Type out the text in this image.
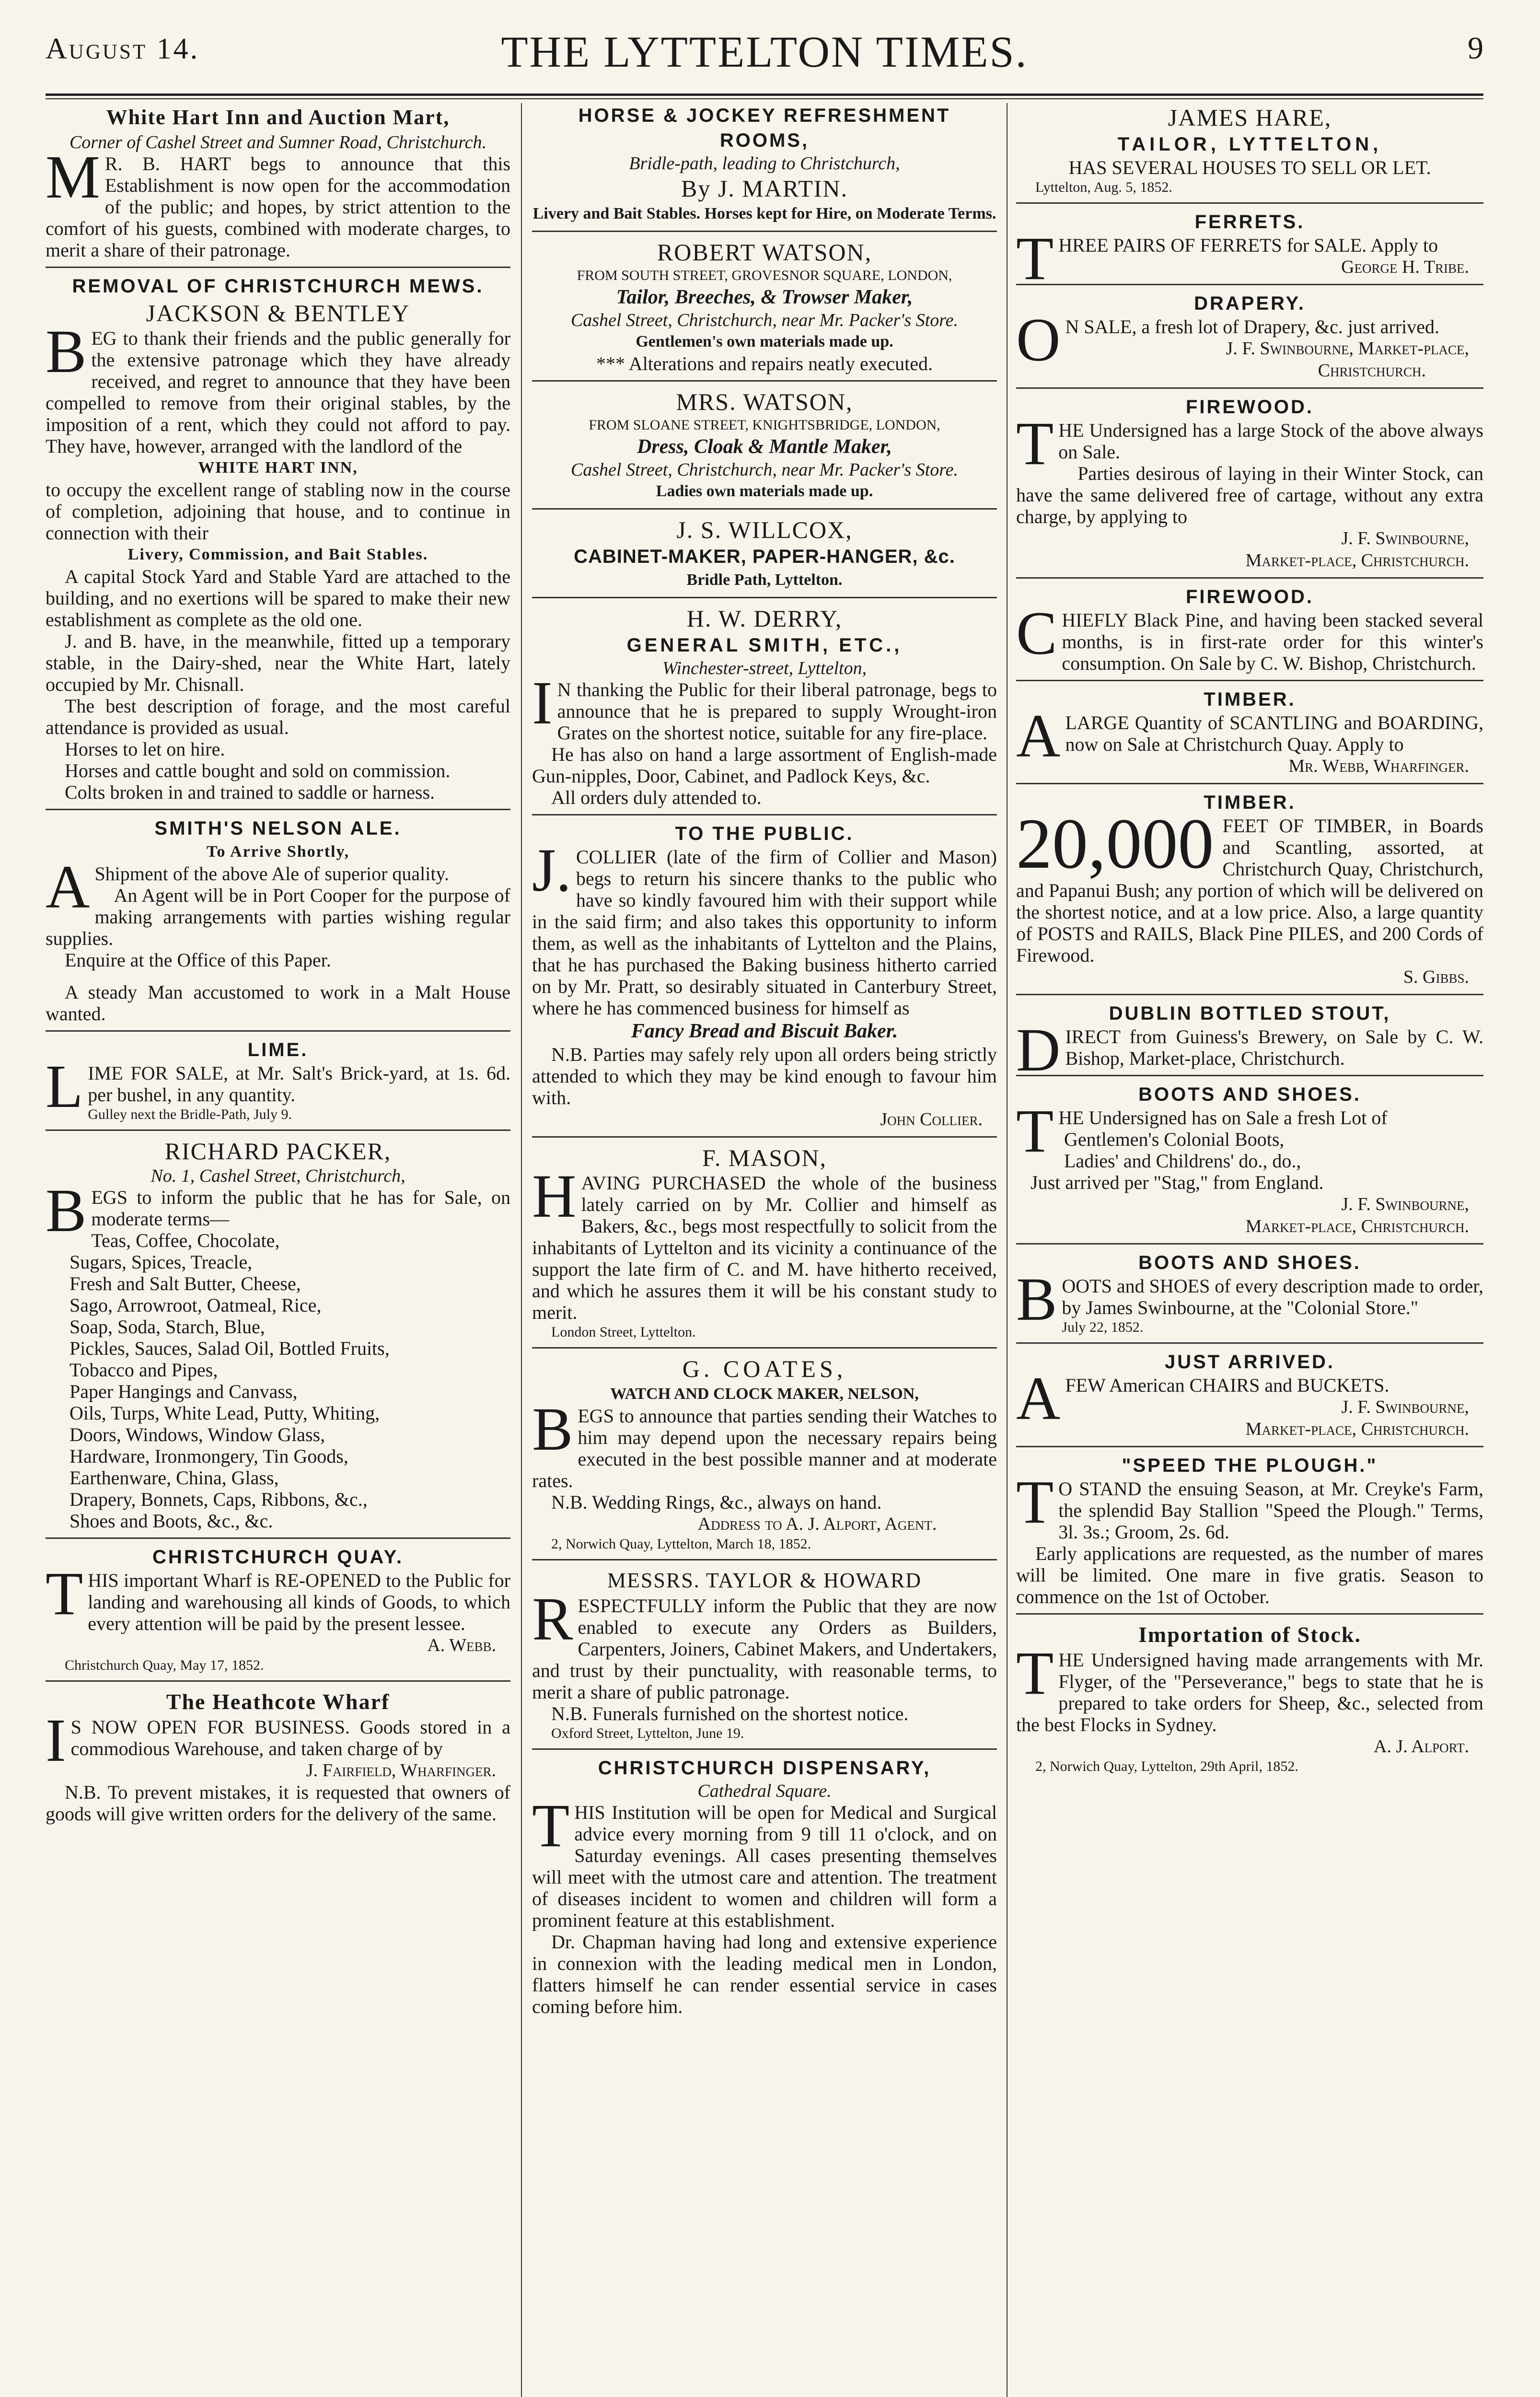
August 14.	THE LYTTELTON TIMES.	9
White Hart Inn and Auction Mart,
Corner of Cashel Street and Sumner Road, Christchurch.

MR. B. HART begs to announce that this Establishment is now open for the accommodation of the public; and hopes, by strict attention to the comfort of his guests, combined with moderate charges, to merit a share of their patronage.

REMOVAL OF CHRISTCHURCH MEWS.
JACKSON & BENTLEY

BEG to thank their friends and the public generally for the extensive patronage which they have already received, and regret to announce that they have been compelled to remove from their original stables, by the imposition of a rent, which they could not afford to pay. They have, however, arranged with the landlord of the

WHITE HART INN,

to occupy the excellent range of stabling now in the course of completion, adjoining that house, and to continue in connection with their

Livery, Commission, and Bait Stables.

A capital Stock Yard and Stable Yard are attached to the building, and no exertions will be spared to make their new establishment as complete as the old one.

J. and B. have, in the meanwhile, fitted up a temporary stable, in the Dairy-shed, near the White Hart, lately occupied by Mr. Chisnall.

The best description of forage, and the most careful attendance is provided as usual.

Horses to let on hire.

Horses and cattle bought and sold on commission.

Colts broken in and trained to saddle or harness.

SMITH'S NELSON ALE.
To Arrive Shortly,

AShipment of the above Ale of superior quality.

An Agent will be in Port Cooper for the purpose of making arrangements with parties wishing regular supplies.

Enquire at the Office of this Paper.

A steady Man accustomed to work in a Malt House wanted.

LIME.

LIME FOR SALE, at Mr. Salt's Brick-yard, at 1s. 6d. per bushel, in any quantity.

Gulley next the Bridle-Path, July 9.

RICHARD PACKER,
No. 1, Cashel Street, Christchurch,

BEGS to inform the public that he has for Sale, on moderate terms—

Teas, Coffee, Chocolate,
Sugars, Spices, Treacle,
Fresh and Salt Butter, Cheese,
Sago, Arrowroot, Oatmeal, Rice,
Soap, Soda, Starch, Blue,
Pickles, Sauces, Salad Oil, Bottled Fruits,
Tobacco and Pipes,
Paper Hangings and Canvass,
Oils, Turps, White Lead, Putty, Whiting,
Doors, Windows, Window Glass,
Hardware, Ironmongery, Tin Goods,
Earthenware, China, Glass,
Drapery, Bonnets, Caps, Ribbons, &c.,
Shoes and Boots, &c., &c.
CHRISTCHURCH QUAY.

THIS important Wharf is RE-OPENED to the Public for landing and warehousing all kinds of Goods, to which every attention will be paid by the present lessee.

A. Webb.

Christchurch Quay, May 17, 1852.

The Heathcote Wharf

IS NOW OPEN FOR BUSINESS. Goods stored in a commodious Warehouse, and taken charge of by

J. Fairfield, Wharfinger.

N.B. To prevent mistakes, it is requested that owners of goods will give written orders for the delivery of the same.

HORSE & JOCKEY REFRESHMENT ROOMS,
Bridle-path, leading to Christchurch,
By J. MARTIN.
Livery and Bait Stables. Horses kept for Hire, on Moderate Terms.
ROBERT WATSON,
FROM SOUTH STREET, GROVESNOR SQUARE, LONDON,
Tailor, Breeches, & Trowser Maker,
Cashel Street, Christchurch, near Mr. Packer's Store.
Gentlemen's own materials made up.
*** Alterations and repairs neatly executed.
MRS. WATSON,
FROM SLOANE STREET, KNIGHTSBRIDGE, LONDON,
Dress, Cloak & Mantle Maker,
Cashel Street, Christchurch, near Mr. Packer's Store.
Ladies own materials made up.
J. S. WILLCOX,
CABINET-MAKER, PAPER-HANGER, &c.
Bridle Path, Lyttelton.
H. W. DERRY,
GENERAL SMITH, ETC.,
Winchester-street, Lyttelton,

IN thanking the Public for their liberal patronage, begs to announce that he is prepared to supply Wrought-iron Grates on the shortest notice, suitable for any fire-place.

He has also on hand a large assortment of English-made Gun-nipples, Door, Cabinet, and Padlock Keys, &c.

All orders duly attended to.

TO THE PUBLIC.

J.COLLIER (late of the firm of Collier and Mason) begs to return his sincere thanks to the public who have so kindly favoured him with their support while in the said firm; and also takes this opportunity to inform them, as well as the inhabitants of Lyttelton and the Plains, that he has purchased the Baking business hitherto carried on by Mr. Pratt, so desirably situated in Canterbury Street, where he has commenced business for himself as

Fancy Bread and Biscuit Baker.

N.B. Parties may safely rely upon all orders being strictly attended to which they may be kind enough to favour him with.

John Collier.
F. MASON,

HAVING PURCHASED the whole of the business lately carried on by Mr. Collier and himself as Bakers, &c., begs most respectfully to solicit from the inhabitants of Lyttelton and its vicinity a continuance of the support the late firm of C. and M. have hitherto received, and which he assures them it will be his constant study to merit.

London Street, Lyttelton.

G. COATES,
WATCH AND CLOCK MAKER, NELSON,

BEGS to announce that parties sending their Watches to him may depend upon the necessary repairs being executed in the best possible manner and at moderate rates.

N.B. Wedding Rings, &c., always on hand.

Address to A. J. Alport, Agent.

2, Norwich Quay, Lyttelton, March 18, 1852.

MESSRS. TAYLOR & HOWARD

RESPECTFULLY inform the Public that they are now enabled to execute any Orders as Builders, Carpenters, Joiners, Cabinet Makers, and Undertakers, and trust by their punctuality, with reasonable terms, to merit a share of public patronage.

N.B. Funerals furnished on the shortest notice.

Oxford Street, Lyttelton, June 19.

CHRISTCHURCH DISPENSARY,
Cathedral Square.

THIS Institution will be open for Medical and Surgical advice every morning from 9 till 11 o'clock, and on Saturday evenings. All cases presenting themselves will meet with the utmost care and attention. The treatment of diseases incident to women and children will form a prominent feature at this establishment.

Dr. Chapman having had long and extensive experience in connexion with the leading medical men in London, flatters himself he can render essential service in cases coming before him.

JAMES HARE,
TAILOR, LYTTELTON,
HAS SEVERAL HOUSES TO SELL OR LET.

Lyttelton, Aug. 5, 1852.

FERRETS.

THREE PAIRS OF FERRETS for SALE. Apply to

George H. Tribe.
DRAPERY.

ON SALE, a fresh lot of Drapery, &c. just arrived.

J. F. Swinbourne, Market-place,
Christchurch.
FIREWOOD.

THE Undersigned has a large Stock of the above always on Sale.

Parties desirous of laying in their Winter Stock, can have the same delivered free of cartage, without any extra charge, by applying to

J. F. Swinbourne,
Market-place, Christchurch.
FIREWOOD.

CHIEFLY Black Pine, and having been stacked several months, is in first-rate order for this winter's consumption. On Sale by C. W. Bishop, Christchurch.

TIMBER.

ALARGE Quantity of SCANTLING and BOARDING, now on Sale at Christchurch Quay. Apply to

Mr. Webb, Wharfinger.
TIMBER.

20,000 FEET OF TIMBER, in Boards and Scantling, assorted, at Christchurch Quay, Christchurch, and Papanui Bush; any portion of which will be delivered on the shortest notice, and at a low price. Also, a large quantity of POSTS and RAILS, Black Pine PILES, and 200 Cords of Firewood.

S. Gibbs.
DUBLIN BOTTLED STOUT,

DIRECT from Guiness's Brewery, on Sale by C. W. Bishop, Market-place, Christchurch.

BOOTS AND SHOES.

THE Undersigned has on Sale a fresh Lot of

Gentlemen's Colonial Boots,
Ladies' and Childrens' do., do.,
Just arrived per "Stag," from England.
J. F. Swinbourne,
Market-place, Christchurch.
BOOTS AND SHOES.

BOOTS and SHOES of every description made to order, by James Swinbourne, at the "Colonial Store."

July 22, 1852.

JUST ARRIVED.

AFEW American CHAIRS and BUCKETS.

J. F. Swinbourne,
Market-place, Christchurch.
"SPEED THE PLOUGH."

TO STAND the ensuing Season, at Mr. Creyke's Farm, the splendid Bay Stallion "Speed the Plough." Terms, 3l. 3s.; Groom, 2s. 6d.

Early applications are requested, as the number of mares will be limited. One mare in five gratis. Season to commence on the 1st of October.

Importation of Stock.

THE Undersigned having made arrangements with Mr. Flyger, of the "Perseverance," begs to state that he is prepared to take orders for Sheep, &c., selected from the best Flocks in Sydney.

A. J. Alport.

2, Norwich Quay, Lyttelton, 29th April, 1852.
